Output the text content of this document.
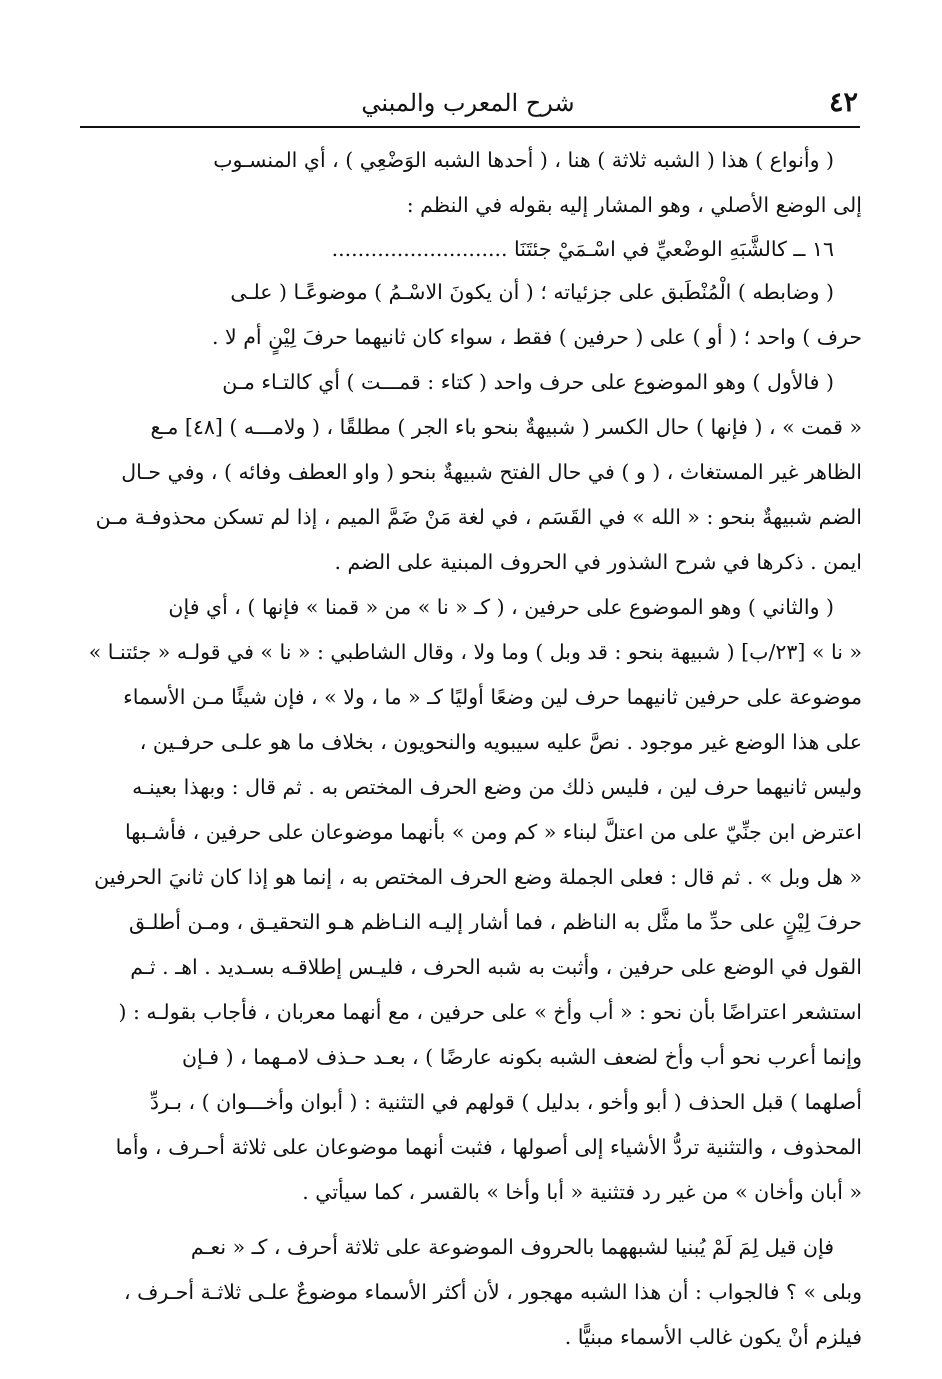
٤٢
شرح المعرب والمبني
( وأنواع ) هذا ( الشبه ثلاثة ) هنا ، ( أحدها الشبه الوَضْعِي ) ، أي المنسـوب
إلى الوضع الأصلي ، وهو المشار إليه بقوله في النظم :
١٦ ــ كالشَّبَهِ الوضْعيِّ في اسْـمَيْ جئتَنَا ...........................
( وضابطه ) الْمُنْطَبق على جزئياته ؛ ( أن يكونَ الاسْـمُ ) موضوعًـا ( علـى
حرف ) واحد ؛ ( أو ) على ( حرفين ) فقط ، سواء كان ثانيهما حرفَ لِيْنٍ أم لا .
( فالأول ) وهو الموضوع على حرف واحد ( كتاء : قمـــت ) أي كالتـاء مـن
« قمت » ، ( فإنها ) حال الكسر ( شبيهةٌ بنحو باء الجر ) مطلقًا ، ( ولامـــه ) [٤٨] مـع
الظاهر غير المستغاث ، ( و ) في حال الفتح شبيهةٌ بنحو ( واو العطف وفائه ) ، وفي حـال
الضم شبيهةٌ بنحو : « الله » في القَسَم ، في لغة مَنْ ضَمَّ الميم ، إذا لم تسكن محذوفـة مـن
ايمن . ذكرها في شرح الشذور في الحروف المبنية على الضم .
( والثاني ) وهو الموضوع على حرفين ، ( كـ « نا » من « قمنا » فإنها ) ، أي فإن
« نا » [٢٣/ب] ( شبيهة بنحو : قد وبل ) وما ولا ، وقال الشاطبي : « نا » في قولـه « جئتنـا »
موضوعة على حرفين ثانيهما حرف لين وضعًا أوليًا كـ « ما ، ولا » ، فإن شيئًا مـن الأسماء
على هذا الوضع غير موجود . نصَّ عليه سيبويه والنحويون ، بخلاف ما هو علـى حرفـين ،
وليس ثانيهما حرف لين ، فليس ذلك من وضع الحرف المختص به . ثم قال : وبهذا بعينـه
اعترض ابن جنِّيّ على من اعتلَّ لبناء « كم ومن » بأنهما موضوعان على حرفين ، فأشـبها
« هل وبل » . ثم قال : فعلى الجملة وضع الحرف المختص به ، إنما هو إذا كان ثانيَ الحرفين
حرفَ لِيْنٍ على حدِّ ما مثَّل به الناظم ، فما أشار إليـه النـاظم هـو التحقيـق ، ومـن أطلـق
القول في الوضع على حرفين ، وأثبت به شبه الحرف ، فليـس إطلاقـه بسـديد . اهـ . ثـم
استشعر اعتراضًا بأن نحو : « أب وأخ » على حرفين ، مع أنهما معربان ، فأجاب بقولـه : (
وإنما أعرب نحو أب وأخ لضعف الشبه بكونه عارضًا ) ، بعـد حـذف لامـهما ، ( فـإن
أصلهما ) قبل الحذف ( أبو وأخو ، بدليل ) قولهم في التثنية : ( أبوان وأخـــوان ) ، بـردِّ
المحذوف ، والتثنية تردُّ الأشياء إلى أصولها ، فثبت أنهما موضوعان على ثلاثة أحـرف ، وأما
« أبان وأخان » من غير رد فتثنية « أبا وأخا » بالقسر ، كما سيأتي .
فإن قيل لِمَ لَمْ يُبنيا لشبههما بالحروف الموضوعة على ثلاثة أحرف ، كـ « نعـم
وبلى » ؟ فالجواب : أن هذا الشبه مهجور ، لأن أكثر الأسماء موضوعٌ علـى ثلاثـة أحـرف ،
فيلزم أنْ يكون غالب الأسماء مبنيًّا .
